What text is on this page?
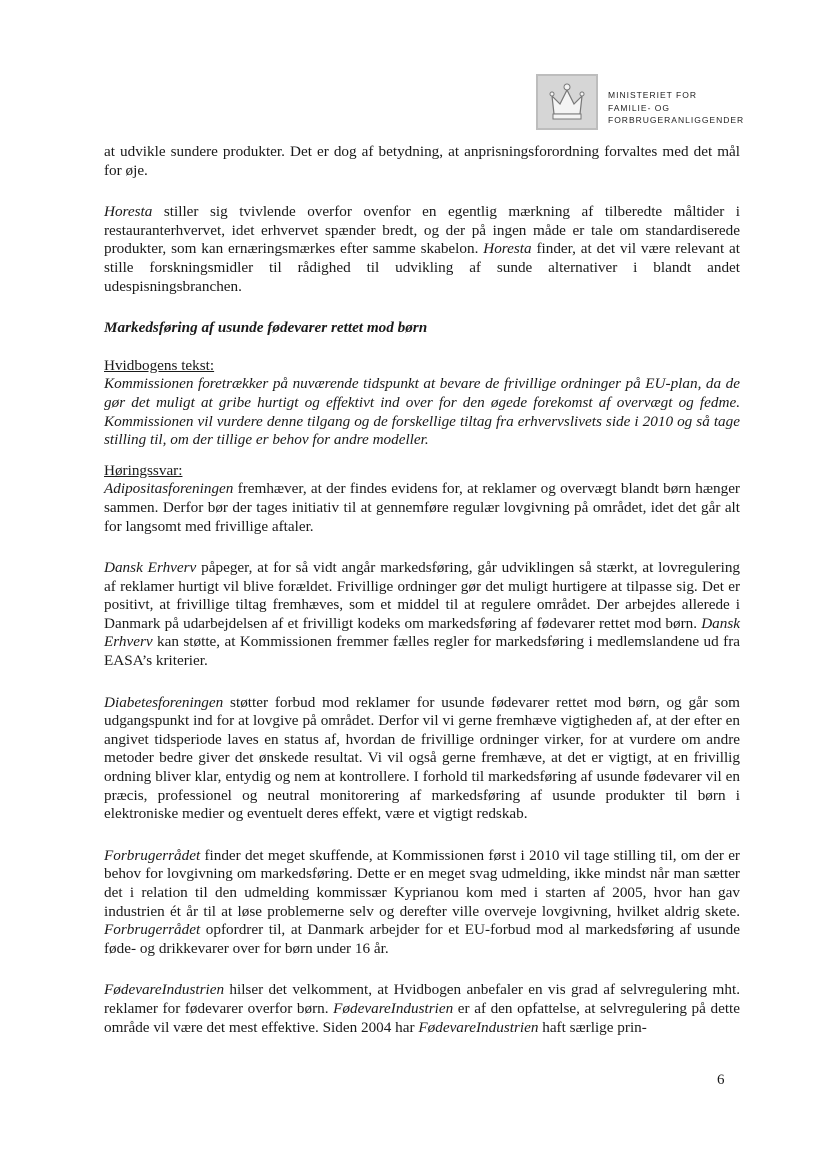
MINISTERIET FOR
FAMILIE- OG
FORBRUGERANLIGGENDER

at udvikle sundere produkter. Det er dog af betydning, at anprisningsforordning forvaltes med det mål for øje.

Horesta stiller sig tvivlende overfor ovenfor en egentlig mærkning af tilberedte måltider i restauranterhvervet, idet erhvervet spænder bredt, og der på ingen måde er tale om standardiserede produkter, som kan ernæringsmærkes efter samme skabelon. Horesta finder, at det vil være relevant at stille forskningsmidler til rådighed til udvikling af sunde alternativer i blandt andet udespisningsbranchen.

Markedsføring af usunde fødevarer rettet mod børn

Hvidbogens tekst:

Kommissionen foretrækker på nuværende tidspunkt at bevare de frivillige ordninger på EU-plan, da de gør det muligt at gribe hurtigt og effektivt ind over for den øgede forekomst af overvægt og fedme. Kommissionen vil vurdere denne tilgang og de forskellige tiltag fra erhvervslivets side i 2010 og så tage stilling til, om der tillige er behov for andre modeller.

Høringssvar:

Adipositasforeningen fremhæver, at der findes evidens for, at reklamer og overvægt blandt børn hænger sammen. Derfor bør der tages initiativ til at gennemføre regulær lovgivning på området, idet det går alt for langsomt med frivillige aftaler.

Dansk Erhverv påpeger, at for så vidt angår markedsføring, går udviklingen så stærkt, at lovregulering af reklamer hurtigt vil blive forældet. Frivillige ordninger gør det muligt hurtigere at tilpasse sig. Det er positivt, at frivillige tiltag fremhæves, som et middel til at regulere området. Der arbejdes allerede i Danmark på udarbejdelsen af et frivilligt kodeks om markedsføring af fødevarer rettet mod børn. Dansk Erhverv kan støtte, at Kommissionen fremmer fælles regler for markedsføring i medlemslandene ud fra EASA’s kriterier.

Diabetesforeningen støtter forbud mod reklamer for usunde fødevarer rettet mod børn, og går som udgangspunkt ind for at lovgive på området. Derfor vil vi gerne fremhæve vigtigheden af, at der efter en angivet tidsperiode laves en status af, hvordan de frivillige ordninger virker, for at vurdere om andre metoder bedre giver det ønskede resultat. Vi vil også gerne fremhæve, at det er vigtigt, at en frivillig ordning bliver klar, entydig og nem at kontrollere. I forhold til markedsføring af usunde fødevarer vil en præcis, professionel og neutral monitorering af markedsføring af usunde produkter til børn i elektroniske medier og eventuelt deres effekt, være et vigtigt redskab.

Forbrugerrådet finder det meget skuffende, at Kommissionen først i 2010 vil tage stilling til, om der er behov for lovgivning om markedsføring. Dette er en meget svag udmelding, ikke mindst når man sætter det i relation til den udmelding kommissær Kyprianou kom med i starten af 2005, hvor han gav industrien ét år til at løse problemerne selv og derefter ville overveje lovgivning, hvilket aldrig skete. Forbrugerrådet opfordrer til, at Danmark arbejder for et EU-forbud mod al markedsføring af usunde føde- og drikkevarer over for børn under 16 år.

FødevareIndustrien hilser det velkomment, at Hvidbogen anbefaler en vis grad af selvregulering mht. reklamer for fødevarer overfor børn. FødevareIndustrien er af den opfattelse, at selvregulering på dette område vil være det mest effektive. Siden 2004 har FødevareIndustrien haft særlige prin-

6
